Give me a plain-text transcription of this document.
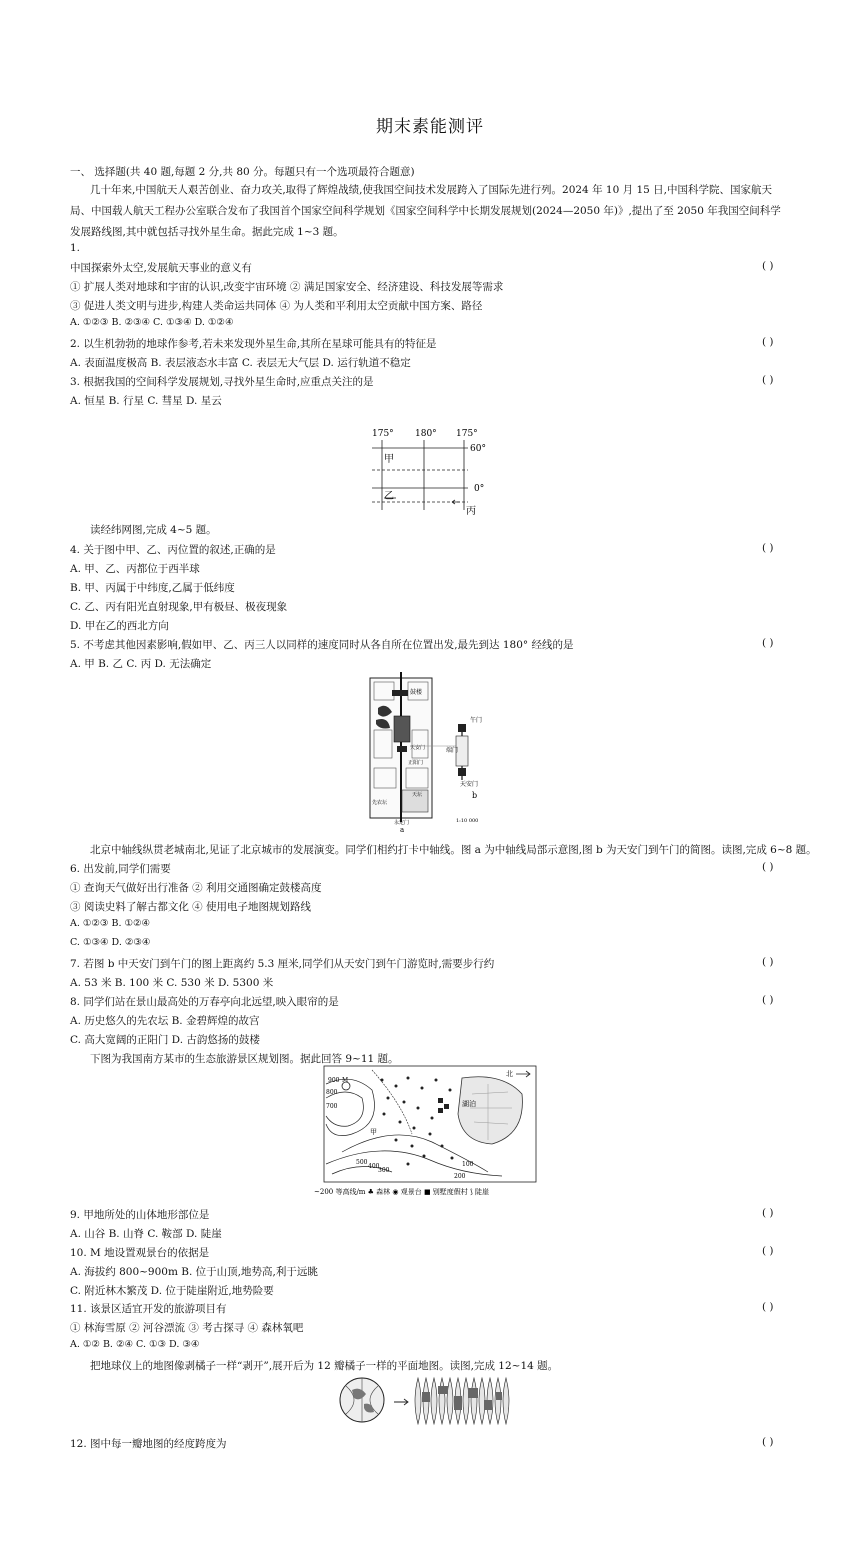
期末素能测评
一、 选择题(共 40 题,每题 2 分,共 80 分。每题只有一个选项最符合题意)
几十年来,中国航天人艰苦创业、奋力攻关,取得了辉煌战绩,使我国空间技术发展跨入了国际先进行列。2024 年 10 月 15 日,中国科学院、国家航天局、中国载人航天工程办公室联合发布了我国首个国家空间科学规划《国家空间科学中长期发展规划(2024—2050 年)》,提出了至 2050 年我国空间科学发展路线图,其中就包括寻找外星生命。据此完成 1~3 题。
1.
中国探索外太空,发展航天事业的意义有	( )
① 扩展人类对地球和宇宙的认识,改变宇宙环境 ② 满足国家安全、经济建设、科技发展等需求
③ 促进人类文明与进步,构建人类命运共同体 ④ 为人类和平利用太空贡献中国方案、路径
A. ①②③ B. ②③④ C. ①③④ D. ①②④
2. 以生机勃勃的地球作参考,若未来发现外星生命,其所在星球可能具有的特征是	( )
A. 表面温度极高 B. 表层液态水丰富 C. 表层无大气层 D. 运行轨道不稳定
3. 根据我国的空间科学发展规划,寻找外星生命时,应重点关注的是	( )
A. 恒星 B. 行星 C. 彗星 D. 星云
175° 180° 175°
60°
0°
甲
乙
丙
读经纬网图,完成 4~5 题。
4. 关于图中甲、乙、丙位置的叙述,正确的是	( )
A. 甲、乙、丙都位于西半球
B. 甲、丙属于中纬度,乙属于低纬度
C. 乙、丙有阳光直射现象,甲有极昼、极夜现象
D. 甲在乙的西北方向
5. 不考虑其他因素影响,假如甲、乙、丙三人以同样的速度同时从各自所在位置出发,最先到达 180° 经线的是	( )
A. 甲 B. 乙 C. 丙 D. 无法确定
鼓楼
天安门
正阳门
天坛
先农坛
永定门
a
午门
端门
天安门
b
1:10 000
北京中轴线纵贯老城南北,见证了北京城市的发展演变。同学们相约打卡中轴线。图 a 为中轴线局部示意图,图 b 为天安门到午门的简图。读图,完成 6~8 题。
6. 出发前,同学们需要	( )
① 查询天气做好出行准备 ② 利用交通图确定鼓楼高度
③ 阅读史料了解古都文化 ④ 使用电子地图规划路线
A. ①②③ B. ①②④
C. ①③④ D. ②③④
7. 若图 b 中天安门到午门的图上距离约 5.3 厘米,同学们从天安门到午门游览时,需要步行约	( )
A. 53 米 B. 100 米 C. 530 米 D. 5300 米
8. 同学们站在景山最高处的万春亭向北远望,映入眼帘的是	( )
A. 历史悠久的先农坛 B. 金碧辉煌的故宫
C. 高大宽阔的正阳门 D. 古韵悠扬的鼓楼
下图为我国南方某市的生态旅游景区规划图。据此回答 9~11 题。
北
湖泊
M
甲
900
800
700
500
400
300
200
100
~200 等高线/m ♣ 森林 ◉ 观景台 ■ 别墅度假村 ⟆ 陡崖
9. 甲地所处的山体地形部位是	( )
A. 山谷 B. 山脊 C. 鞍部 D. 陡崖
10. M 地设置观景台的依据是	( )
A. 海拔约 800~900m B. 位于山顶,地势高,利于远眺
C. 附近林木繁茂 D. 位于陡崖附近,地势险要
11. 该景区适宜开发的旅游项目有	( )
① 林海雪原 ② 河谷漂流 ③ 考古探寻 ④ 森林氧吧
A. ①② B. ②④ C. ①③ D. ③④
把地球仪上的地图像剥橘子一样“剥开”,展开后为 12 瓣橘子一样的平面地图。读图,完成 12~14 题。
12. 图中每一瓣地图的经度跨度为	( )
